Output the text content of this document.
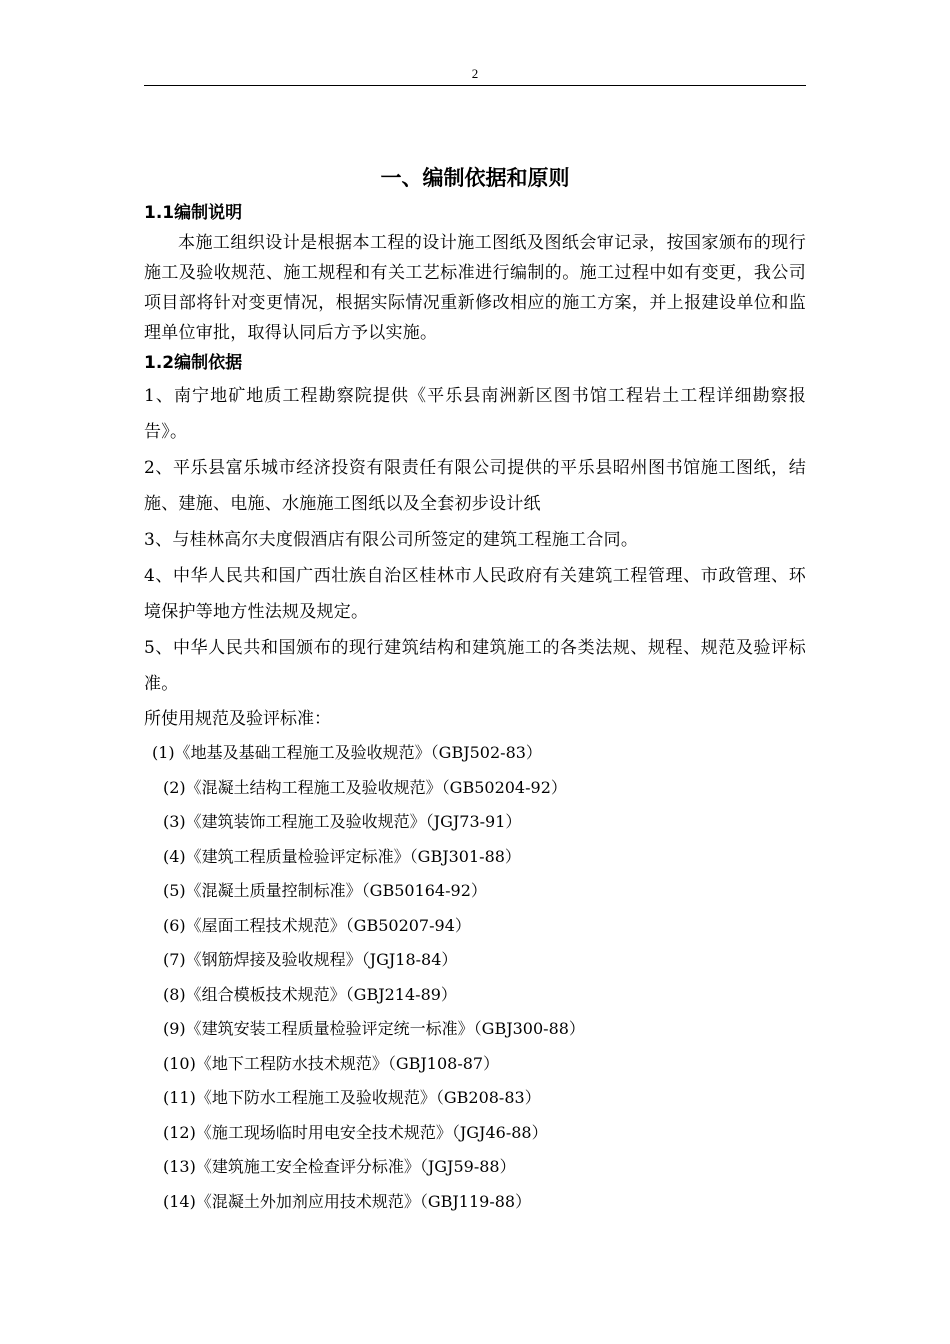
2
一、编制依据和原则
1.1编制说明

本施工组织设计是根据本工程的设计施工图纸及图纸会审记录，按国家颁布的现行施工及验收规范、施工规程和有关工艺标准进行编制的。施工过程中如有变更，我公司项目部将针对变更情况，根据实际情况重新修改相应的施工方案，并上报建设单位和监理单位审批，取得认同后方予以实施。

1.2编制依据

1、南宁地矿地质工程勘察院提供《平乐县南洲新区图书馆工程岩土工程详细勘察报告》。

2、平乐县富乐城市经济投资有限责任有限公司提供的平乐县昭州图书馆施工图纸，结施、建施、电施、水施施工图纸以及全套初步设计纸

3、与桂林高尔夫度假酒店有限公司所签定的建筑工程施工合同。

4、中华人民共和国广西壮族自治区桂林市人民政府有关建筑工程管理、市政管理、环境保护等地方性法规及规定。

5、中华人民共和国颁布的现行建筑结构和建筑施工的各类法规、规程、规范及验评标准。

所使用规范及验评标准：

(1)《地基及基础工程施工及验收规范》（GBJ502-83）
(2)《混凝土结构工程施工及验收规范》（GB50204-92）
(3)《建筑装饰工程施工及验收规范》（JGJ73-91）
(4)《建筑工程质量检验评定标准》（GBJ301-88）
(5)《混凝土质量控制标准》（GB50164-92）
(6)《屋面工程技术规范》（GB50207-94）
(7)《钢筋焊接及验收规程》（JGJ18-84）
(8)《组合模板技术规范》（GBJ214-89）
(9)《建筑安装工程质量检验评定统一标准》（GBJ300-88）
(10)《地下工程防水技术规范》（GBJ108-87）
(11)《地下防水工程施工及验收规范》（GB208-83）
(12)《施工现场临时用电安全技术规范》（JGJ46-88）
(13)《建筑施工安全检查评分标准》（JGJ59-88）
(14)《混凝土外加剂应用技术规范》（GBJ119-88）
